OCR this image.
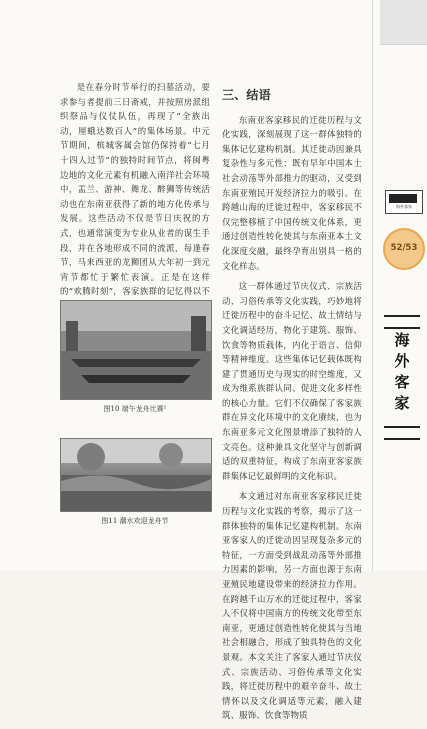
是在春分时节举行的扫墓活动，要求参与者提前三日斋戒，并按照房派组织祭品与仪仗队伍，再现了“全族出动，厘蛾达数百人”的集体场景。中元节期间，槟城客属会馆仍保持着“七月十四人过节”的独特时间节点，将闽粤边地的文化元素有机融入南洋社会环境中，盂兰、游神、舞龙、醉狮等传统活动也在东南亚获得了新的地方化传承与发展。这些活动不仅是节日庆祝的方式，也通常演变为专业从业者的谋生手段，并在各地形成不同的流派，每逢春节，马来西亚的龙狮团从大年初一到元宵节都忙于繁忙表演。正是在这样的“欢腾时刻”，客家族群的记忆得以不

图10 端午龙舟比赛¹
图11 潮水欢迎龙舟节
三、结语

东南亚客家移民的迁徙历程与文化实践，深刻展现了这一群体独特的集体记忆建构机制。其迁徙动因兼具复杂性与多元性：既有早年中国本土社会动荡等外部推力的驱动，又受到东南亚殖民开发经济拉力的吸引。在跨越山海的迁徙过程中，客家移民不仅完整移植了中国传统文化体系，更通过创造性转化使其与东南亚本土文化深度交融，最终孕育出别具一格的文化样态。

这一群体通过节庆仪式、宗族活动、习俗传承等文化实践，巧妙地将迁徙历程中的奋斗记忆、故土情结与文化调适经历，物化于建筑、服饰、饮食等物质载体，内化于语言、信仰等精神维度。这些集体记忆载体既构建了贯通历史与现实的时空维度，又成为维系族群认同、促进文化多样性的核心力量。它们不仅确保了客家族群在异文化环境中的文化赓续，也为东南亚多元文化图景增添了独特的人文亮色。这种兼具文化坚守与创新调适的双重特征，构成了东南亚客家族群集体记忆最鲜明的文化标识。

本文通过对东南亚客家移民迁徙历程与文化实践的考察，揭示了这一群体独特的集体记忆建构机制。东南亚客家人的迁徙动因呈现复杂多元的特征，一方面受到战乱动荡等外部推力因素的影响，另一方面也源于东南亚殖民地建设带来的经济拉力作用。在跨越千山万水的迁徙过程中，客家人不仅将中国南方的传统文化带至东南亚，更通过创造性转化使其与当地社会相融合，形成了独具特色的文化景观。本文关注了客家人通过节庆仪式、宗族活动、习俗传承等文化实践，将迁徙历程中的艰辛奋斗、故土情怀以及文化调适等元素，融入建筑、服饰、饮食等物质

海外客家
52/53
海
外
客
家
